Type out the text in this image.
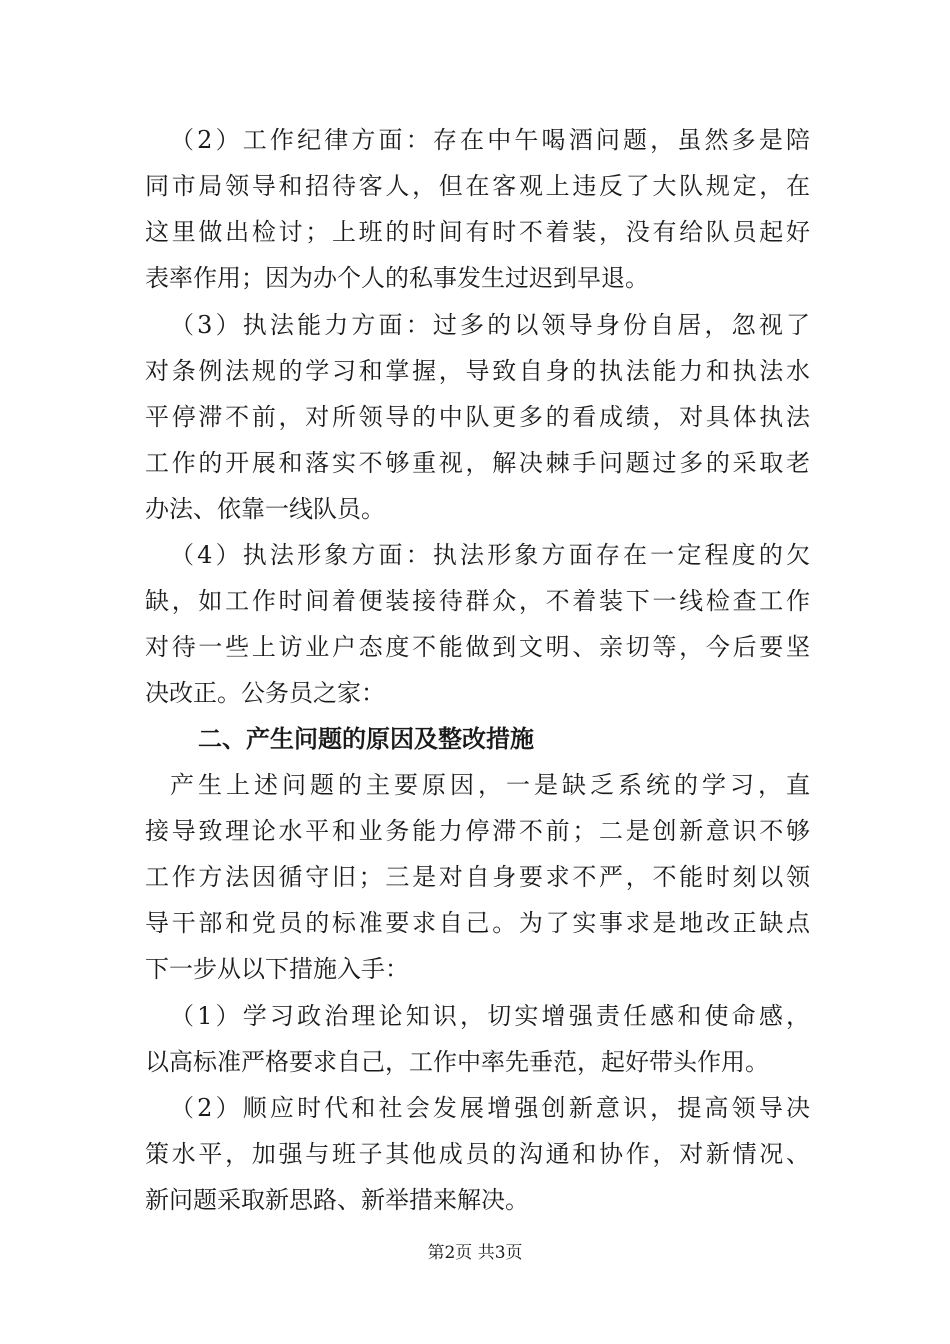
（2）工作纪律方面：存在中午喝酒问题，虽然多是陪
同市局领导和招待客人，但在客观上违反了大队规定，在
这里做出检讨；上班的时间有时不着装，没有给队员起好
表率作用；因为办个人的私事发生过迟到早退。
（3）执法能力方面：过多的以领导身份自居，忽视了
对条例法规的学习和掌握，导致自身的执法能力和执法水
平停滞不前，对所领导的中队更多的看成绩，对具体执法
工作的开展和落实不够重视，解决棘手问题过多的采取老
办法、依靠一线队员。
（4）执法形象方面：执法形象方面存在一定程度的欠
缺，如工作时间着便装接待群众，不着装下一线检查工作
对待一些上访业户态度不能做到文明、亲切等，今后要坚
决改正。公务员之家：
二、产生问题的原因及整改措施
产生上述问题的主要原因，一是缺乏系统的学习，直
接导致理论水平和业务能力停滞不前；二是创新意识不够
工作方法因循守旧；三是对自身要求不严，不能时刻以领
导干部和党员的标准要求自己。为了实事求是地改正缺点
下一步从以下措施入手：
（1）学习政治理论知识，切实增强责任感和使命感，
以高标准严格要求自己，工作中率先垂范，起好带头作用。
（2）顺应时代和社会发展增强创新意识，提高领导决
策水平，加强与班子其他成员的沟通和协作，对新情况、
新问题采取新思路、新举措来解决。
第2页 共3页
